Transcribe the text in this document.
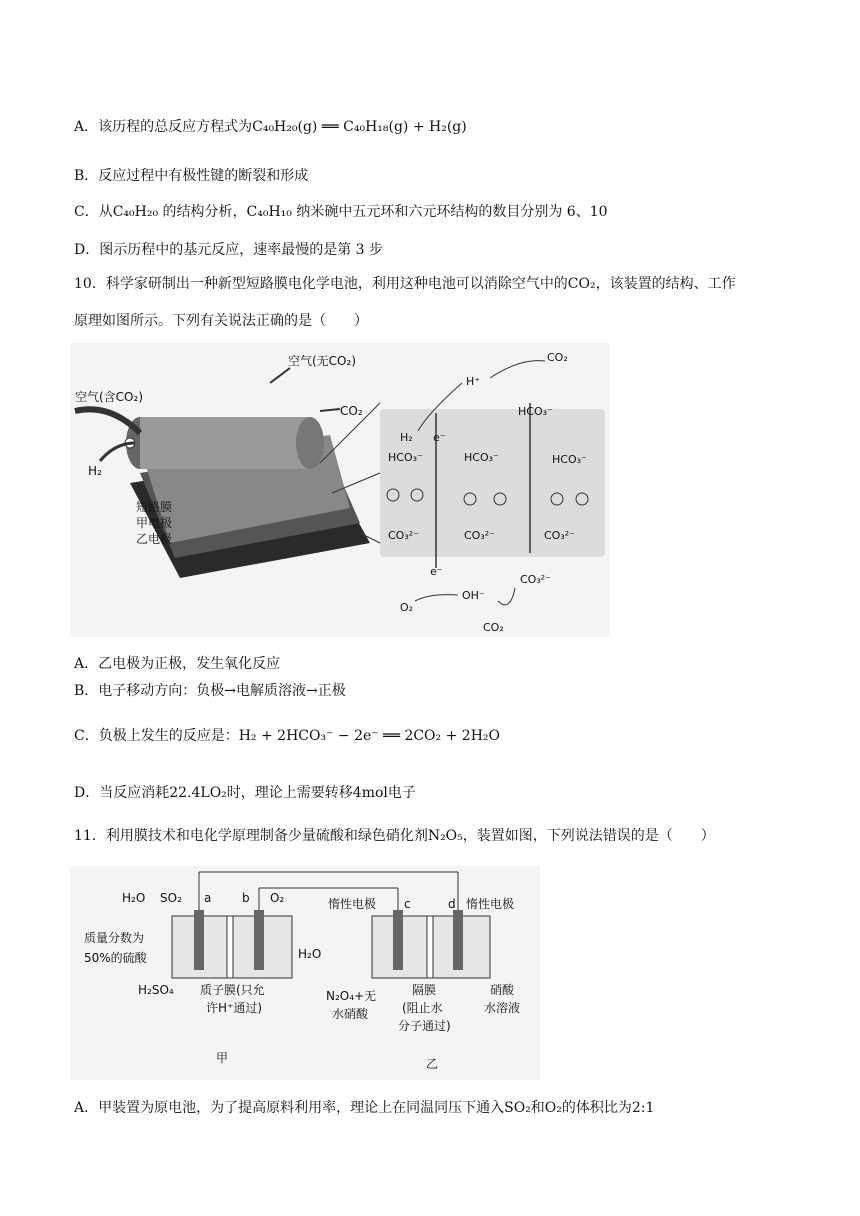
A．该历程的总反应方程式为C₄₀H₂₀(g) ══ C₄₀H₁₈(g) + H₂(g)
B．反应过程中有极性键的断裂和形成
C．从C₄₀H₂₀ 的结构分析，C₄₀H₁₀ 纳米碗中五元环和六元环结构的数目分别为 6、10
D．图示历程中的基元反应，速率最慢的是第 3 步
10．科学家研制出一种新型短路膜电化学电池，利用这种电池可以消除空气中的CO₂，该装置的结构、工作
原理如图所示。下列有关说法正确的是（　　）
空气(含CO₂)
空气(无CO₂)
CO₂
H₂
短路膜
甲电极
乙电极
HCO₃⁻	HCO₃⁻	HCO₃⁻
CO₃²⁻	CO₃²⁻	CO₃²⁻
H₂ e⁻
H⁺
CO₂
HCO₃⁻
e⁻
O₂
OH⁻
CO₃²⁻
CO₂
A．乙电极为正极，发生氧化反应
B．电子移动方向：负极→电解质溶液→正极
C．负极上发生的反应是：H₂ + 2HCO₃⁻ − 2e⁻ ══ 2CO₂ + 2H₂O
D．当反应消耗22.4LO₂时，理论上需要转移4mol电子
11．利用膜技术和电化学原理制备少量硫酸和绿色硝化剂N₂O₅，装置如图，下列说法错误的是（　　）
H₂O SO₂	O₂
a	b
质量分数为
50%的硫酸
H₂SO₄
H₂O
质子膜(只允
许H⁺通过)
惰性电极 c	d 惰性电极
N₂O₄+无
水硝酸
隔膜
(阻止水
分子通过)
硝酸
水溶液
甲	乙
A．甲装置为原电池，为了提高原料利用率，理论上在同温同压下通入SO₂和O₂的体积比为2:1
